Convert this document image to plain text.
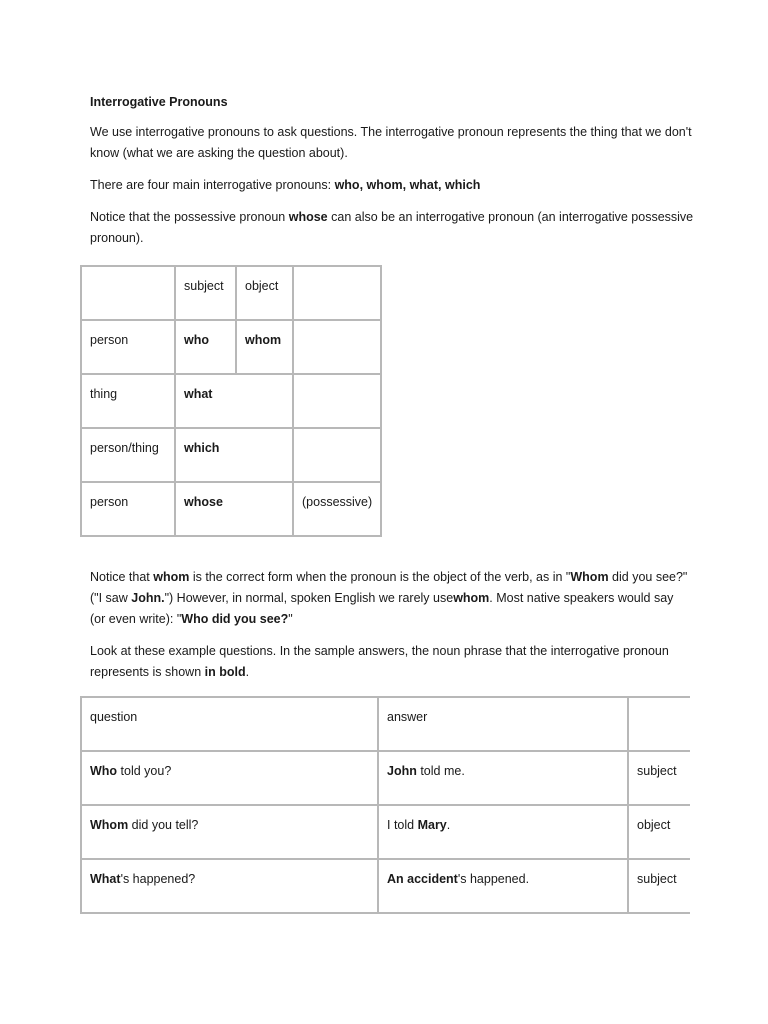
Interrogative Pronouns

We use interrogative pronouns to ask questions. The interrogative pronoun represents the thing that we don't know (what we are asking the question about).

There are four main interrogative pronouns: who, whom, what, which

Notice that the possessive pronoun whose can also be an interrogative pronoun (an interrogative possessive pronoun).

	subject	object	
person	who	whom	
thing	what		
person/thing	which		
person	whose		(possessive)

Notice that whom is the correct form when the pronoun is the object of the verb, as in "Whom did you see?" ("I saw John.") However, in normal, spoken English we rarely usewhom. Most native speakers would say (or even write): "Who did you see?"

Look at these example questions. In the sample answers, the noun phrase that the interrogative pronoun represents is shown in bold.

question	answer	
Who told you?	John told me.	subject
Whom did you tell?	I told Mary.	object
What's happened?	An accident's happened.	subject
